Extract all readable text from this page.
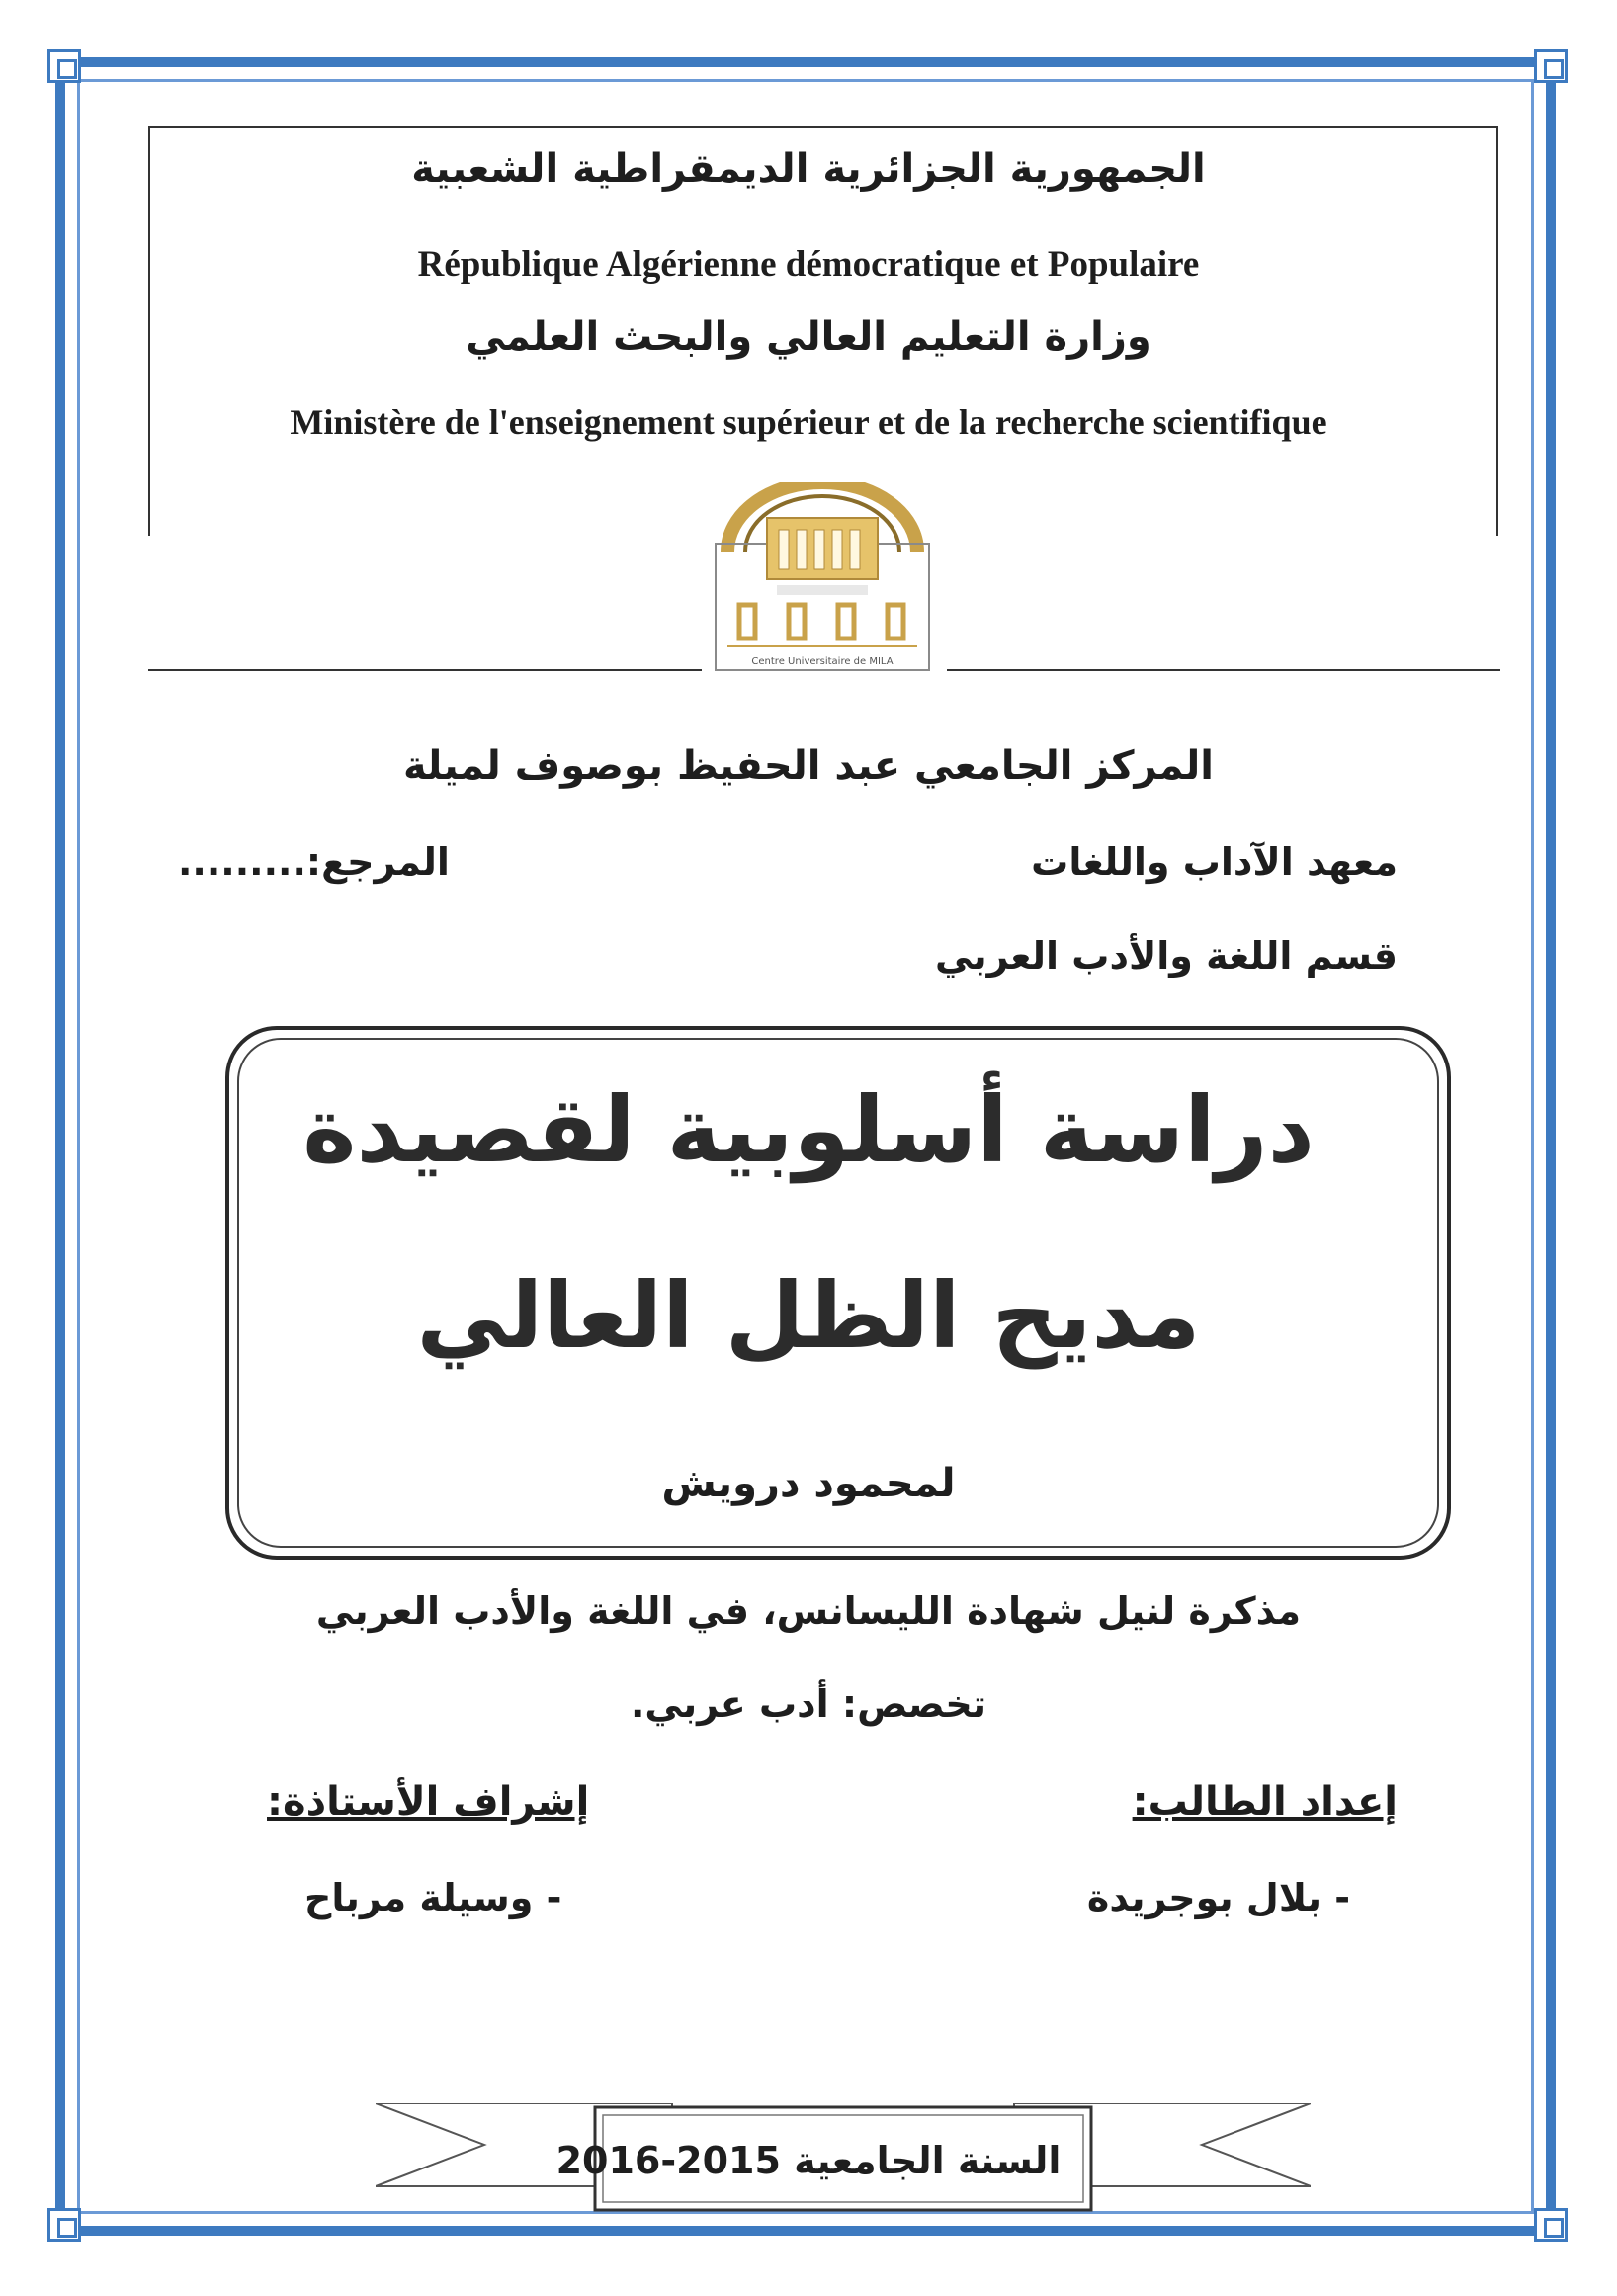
الجمهورية الجزائرية الديمقراطية الشعبية
République Algérienne démocratique et Populaire
وزارة التعليم العالي والبحث العلمي
Ministère de l'enseignement supérieur et de la recherche scientifique
Centre Universitaire de MILA
المركز الجامعي عبد الحفيظ بوصوف لميلة
معهد الآداب واللغات
المرجع:.........
قسم اللغة والأدب العربي
دراسة أسلوبية لقصيدة
مديح الظل العالي
لمحمود درويش
مذكرة لنيل شهادة الليسانس، في اللغة والأدب العربي
تخصص: أدب عربي.
إعداد الطالب:
إشراف الأستاذة:
- بلال بوجريدة
- وسيلة مرباح
السنة الجامعية 2015-2016
